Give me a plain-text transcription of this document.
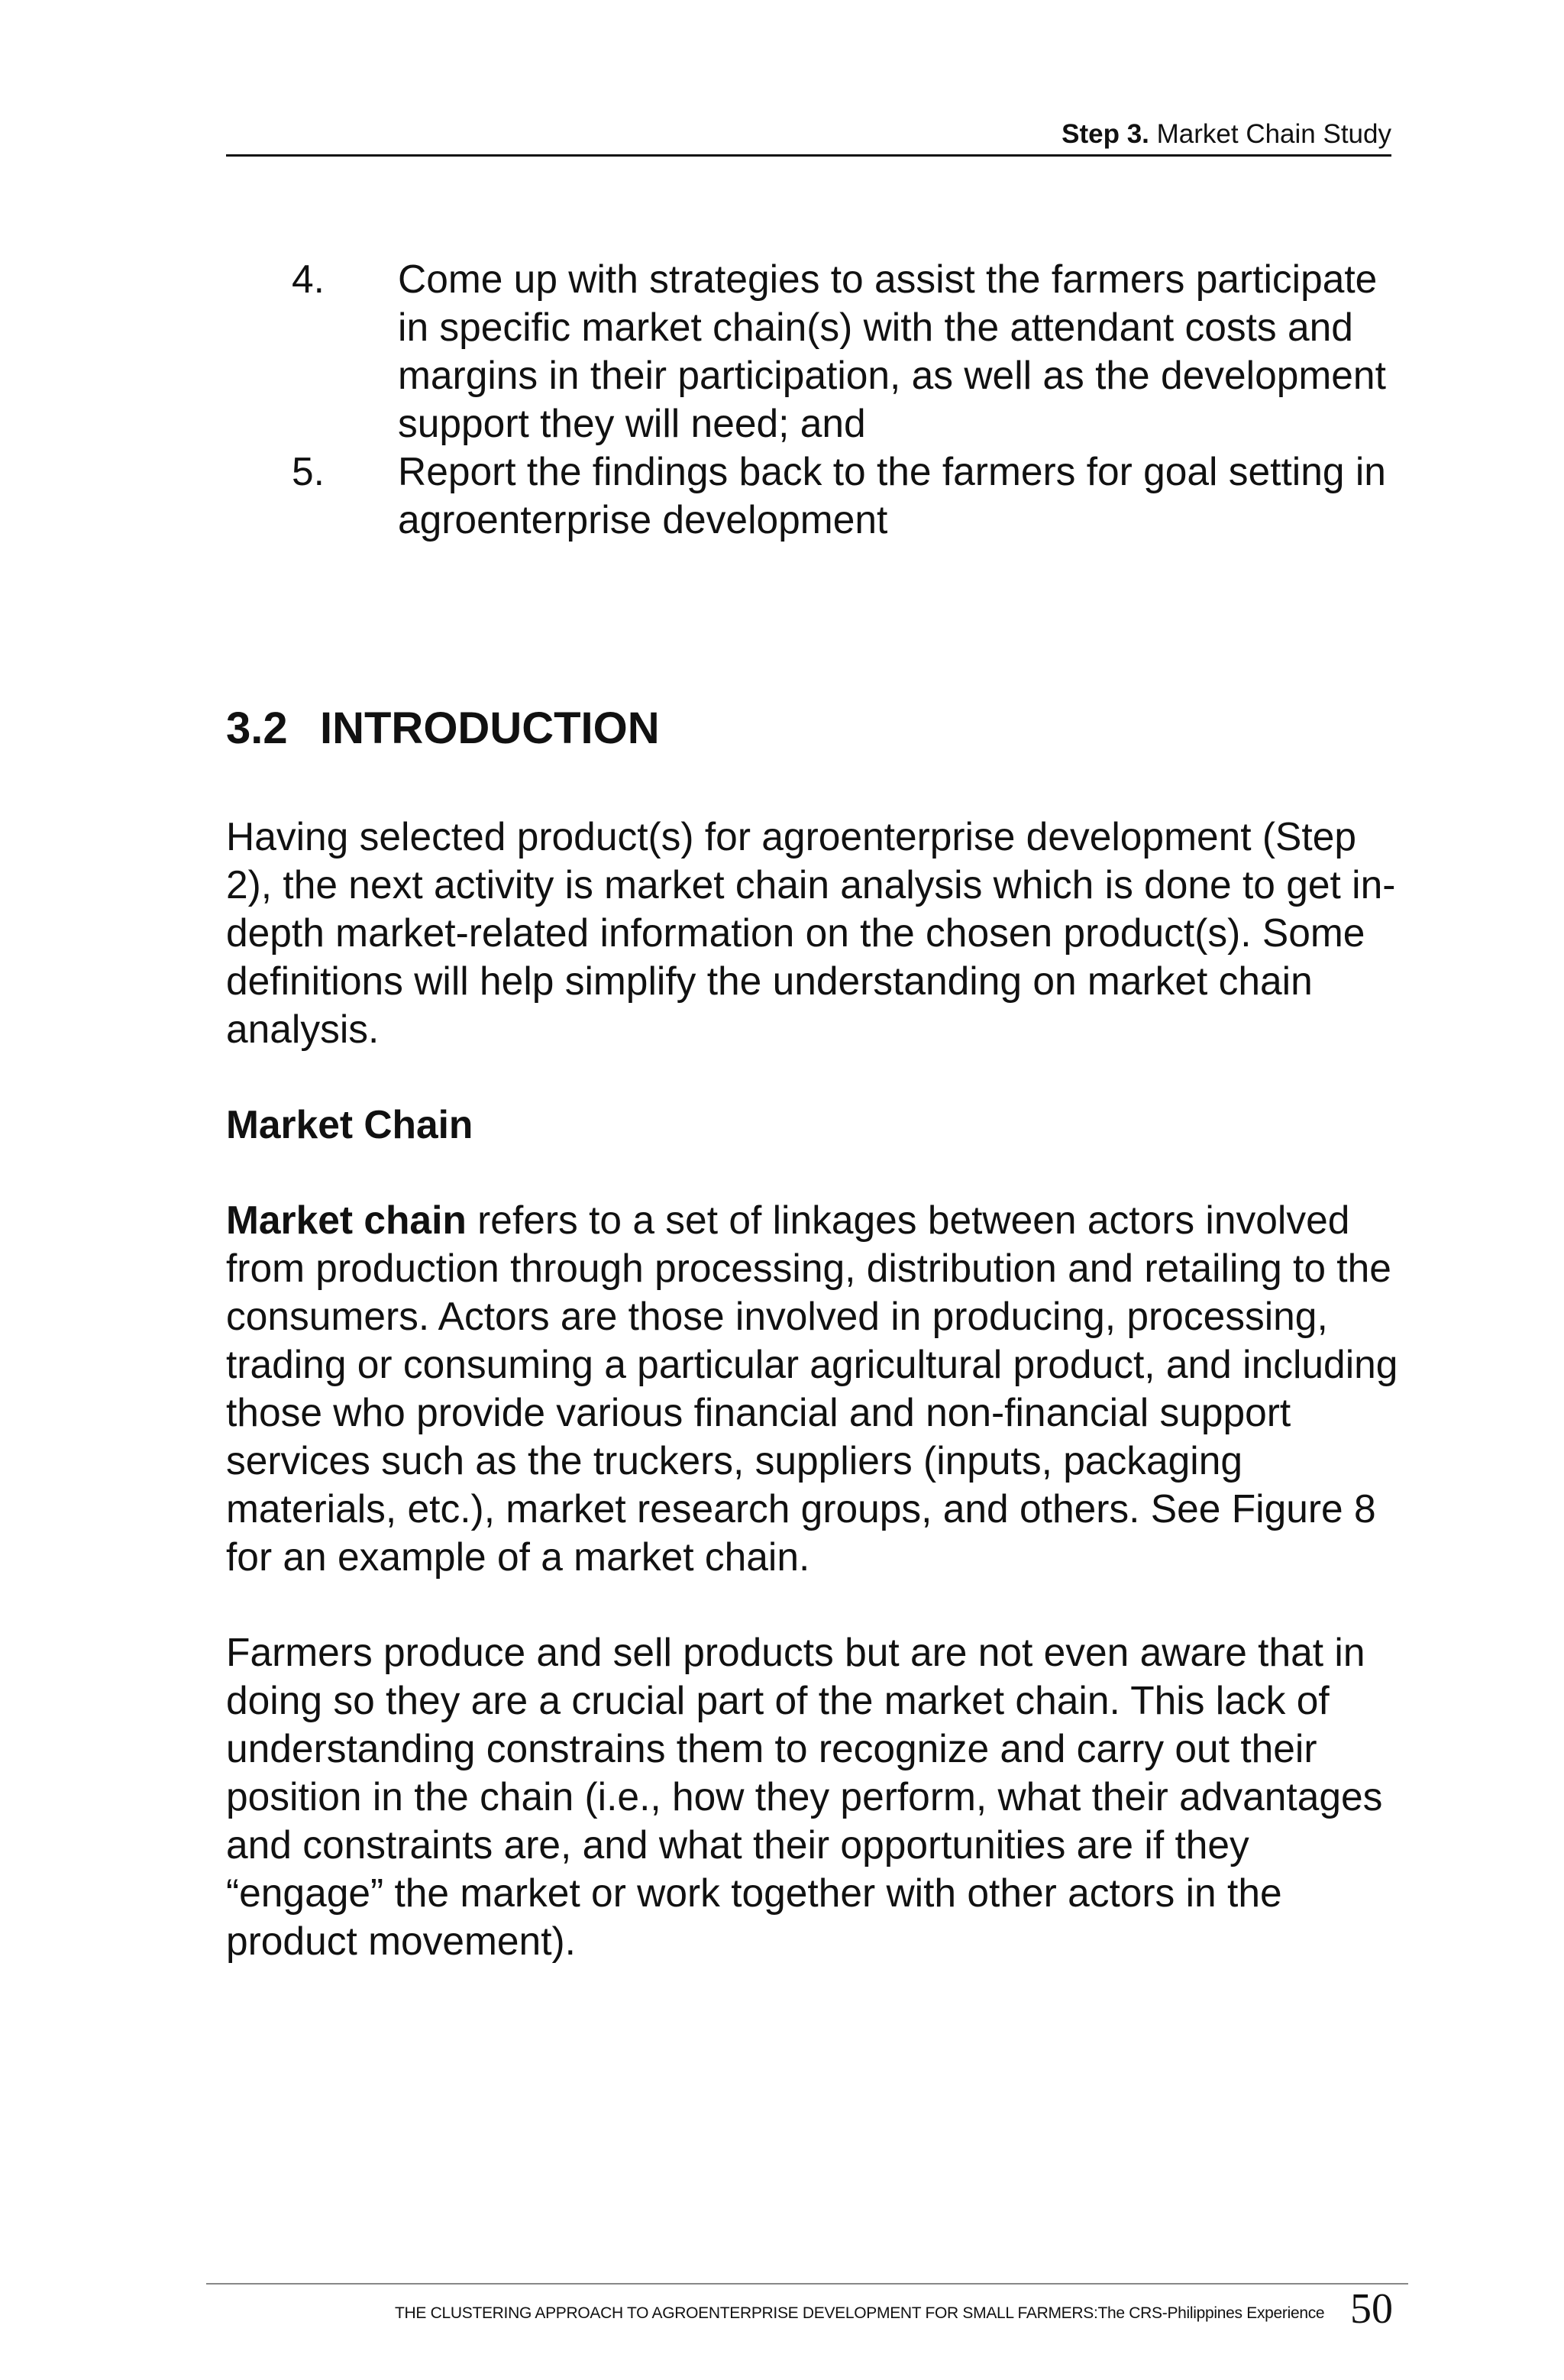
Step 3. Market Chain Study
4. Come up with strategies to assist the farmers participate in specific market chain(s) with the attendant costs and margins in their participation, as well as the development support they will need; and
5. Report the findings back to the farmers for goal setting in agroenterprise development
3.2 INTRODUCTION

Having selected product(s) for agroenterprise development (Step 2), the next activity is market chain analysis which is done to get in-depth market-related information on the chosen product(s). Some definitions will help simplify the understanding on market chain analysis.

Market Chain

Market chain refers to a set of linkages between actors involved from production through processing, distribution and retailing to the consumers. Actors are those involved in producing, processing, trading or consuming a particular agricultural product, and including those who provide various financial and non-financial support services such as the truckers, suppliers (inputs, packaging materials, etc.), market research groups, and others. See Figure 8 for an example of a market chain.

Farmers produce and sell products but are not even aware that in doing so they are a crucial part of the market chain. This lack of understanding constrains them to recognize and carry out their position in the chain (i.e., how they perform, what their advantages and constraints are, and what their opportunities are if they “engage” the market or work together with other actors in the product movement).

THE CLUSTERING APPROACH TO AGROENTERPRISE DEVELOPMENT FOR SMALL FARMERS:The CRS-Philippines Experience 50
